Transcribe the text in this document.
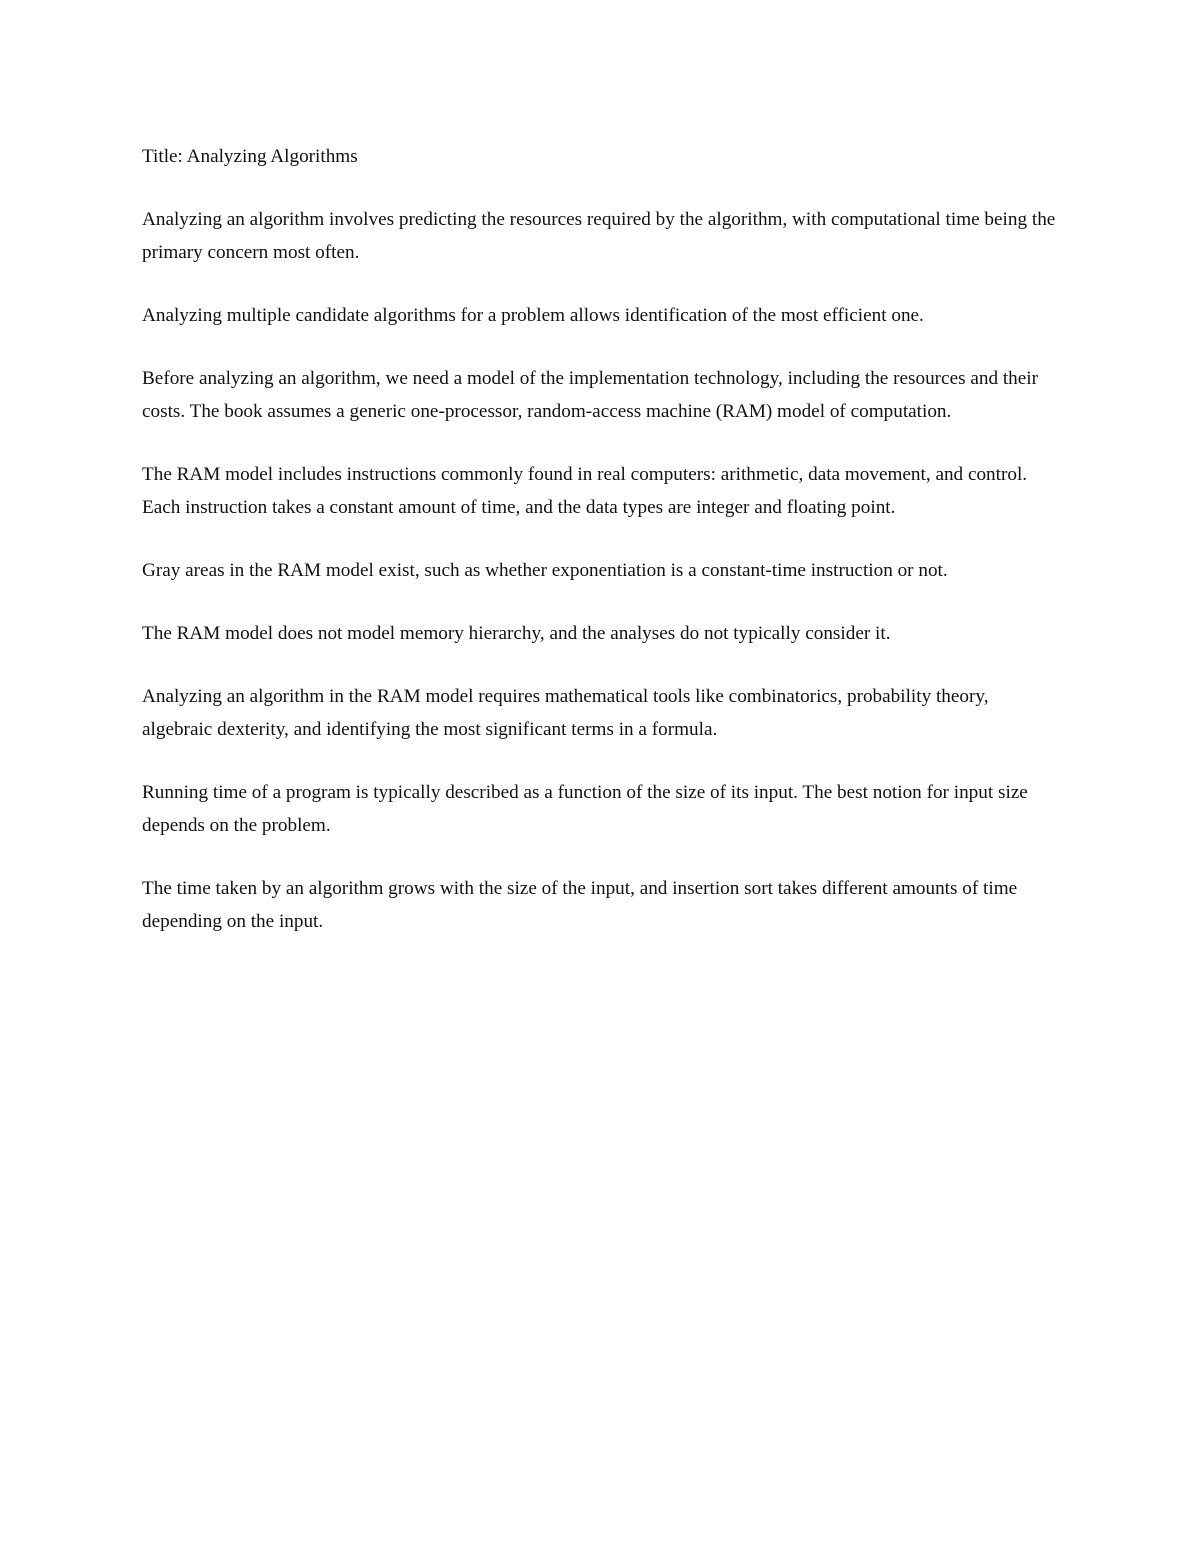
Title: Analyzing Algorithms

Analyzing an algorithm involves predicting the resources required by the algorithm, with computational time being the primary concern most often.

Analyzing multiple candidate algorithms for a problem allows identification of the most efficient one.

Before analyzing an algorithm, we need a model of the implementation technology, including the resources and their costs. The book assumes a generic one-processor, random-access machine (RAM) model of computation.

The RAM model includes instructions commonly found in real computers: arithmetic, data movement, and control. Each instruction takes a constant amount of time, and the data types are integer and floating point.

Gray areas in the RAM model exist, such as whether exponentiation is a constant-time instruction or not.

The RAM model does not model memory hierarchy, and the analyses do not typically consider it.

Analyzing an algorithm in the RAM model requires mathematical tools like combinatorics, probability theory, algebraic dexterity, and identifying the most significant terms in a formula.

Running time of a program is typically described as a function of the size of its input. The best notion for input size depends on the problem.

The time taken by an algorithm grows with the size of the input, and insertion sort takes different amounts of time depending on the input.
